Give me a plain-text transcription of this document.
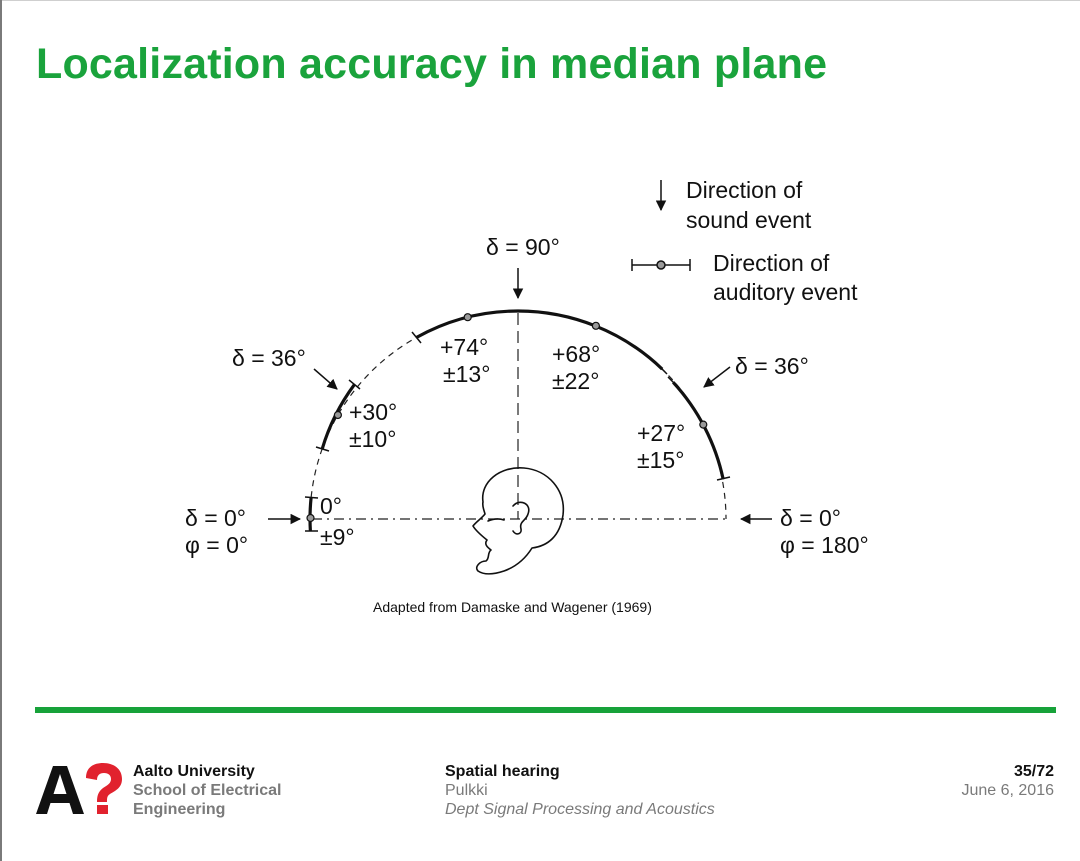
Localization accuracy in median plane
Direction of
sound event
Direction of
auditory event
δ = 90°
δ = 36°	δ = 36°
δ = 0°
φ = 0°
δ = 0°
φ = 180°
0°
±9°
+30°
±10°
+74°
±13°
+68°
±22°
+27°
±15°
Adapted from Damaske and Wagener (1969)
Aalto University
School of Electrical
Engineering
Spatial hearing
Pulkki
Dept Signal Processing and Acoustics
35/72
June 6, 2016
